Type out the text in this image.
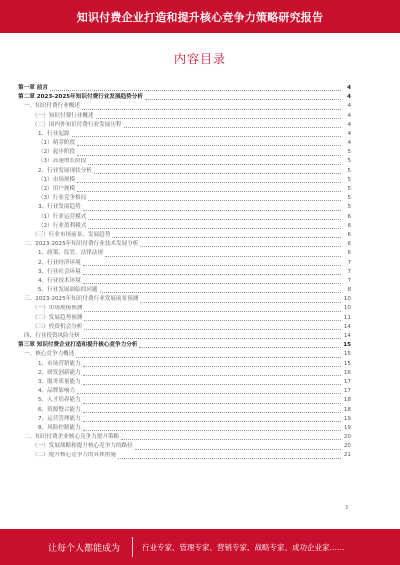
知识付费企业打造和提升核心竞争力策略研究报告
内容目录
第一章 前言	4
第二章 2023-2025年知识付费行业发展趋势分析	4
一、知识付费行业概述	4
（一）知识付费行业概述	4
（二）国内外知识付费行业发展历程	4
1、行业起源	4
（1）萌芽阶段	4
（2）起步阶段	5
（3）高速增长阶段	5
2、行业发展现状分析	5
（1）市场规模	5
（2）用户规模	5
（3）行业竞争格局	5
3、行业发展趋势	5
（1）行业运营模式	6
（2）行业盈利模式	6
（三）行业市场前景、发展趋势	6
二、2023-2025年知识付费行业技术发展分析	6
1、政策、监管、法律法规	6
2、行业经济环境	7
3、行业社会环境	7
4、行业技术环境	7
5、行业发展面临的问题	8
三、2023-2025年知识付费行业发展前景预测	10
（一）市场规模预测	10
（二）发展趋势预测	11
（三）投资机会分析	14
四、行业投资风险分析	14
第三章 知识付费企业打造和提升核心竞争力分析	15
一、核心竞争力概述	15
1、市场营销能力	15
2、研发创新能力	16
3、服务质量能力	17
4、品牌影响力	17
5、人才培养能力	18
6、资源整合能力	18
7、运营管理能力	19
8、风险控制能力	19
二、知识付费企业核心竞争力提升策略	20
（一）发展战略和提升核心竞争力的路径	20
（二）提升核心竞争力的具体措施	21
3
让每个人都能成为	行业专家、管理专家、营销专家、战略专家、成功企业家……
